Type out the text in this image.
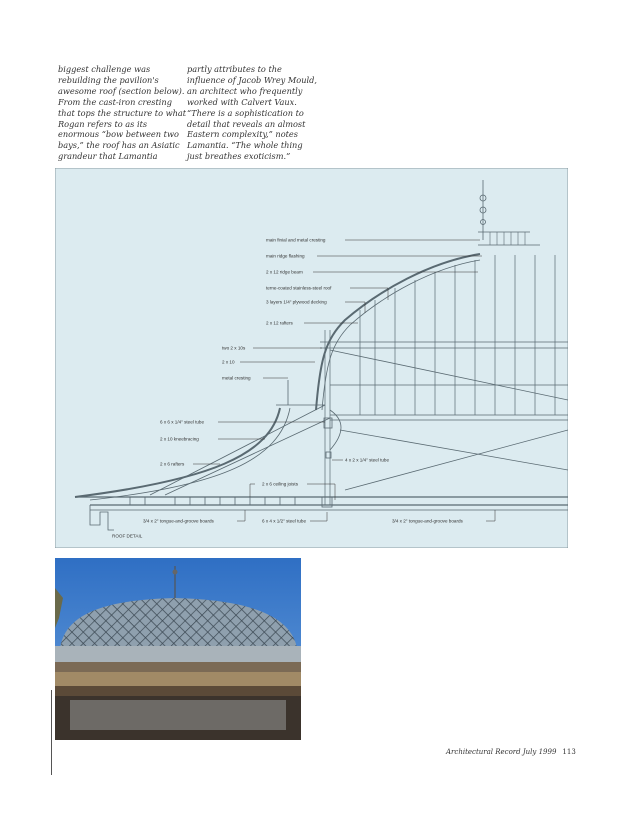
biggest challenge was

rebuilding the pavilion's

awesome roof (section below).

From the cast-iron cresting

that tops the structure to what

Rogan refers to as its

enormous “bow between two

bays,” the roof has an Asiatic

grandeur that Lamantia

partly attributes to the

influence of Jacob Wrey Mould,

an architect who frequently

worked with Calvert Vaux.

“There is a sophistication to

detail that reveals an almost

Eastern complexity,” notes

Lamantia. “The whole thing

just breathes exoticism.”

main finial and metal cresting
main ridge flashing
2 x 12 ridge beam
terne-coated stainless-steel roof
3 layers 1/4" plywood decking
2 x 12 rafters
two 2 x 10s
2 x 10
metal cresting
6 x 6 x 1/4" steel tube
2 x 10 kneebracing
2 x 6 rafters
4 x 2 x 1/4" steel tube
2 x 6 ceiling joists
3/4 x 2" tongue-and-groove boards	6 x 4 x 1/2" steel tube	3/4 x 2" tongue-and-groove boards
ROOF DETAIL
Architectural Record July 1999 113
